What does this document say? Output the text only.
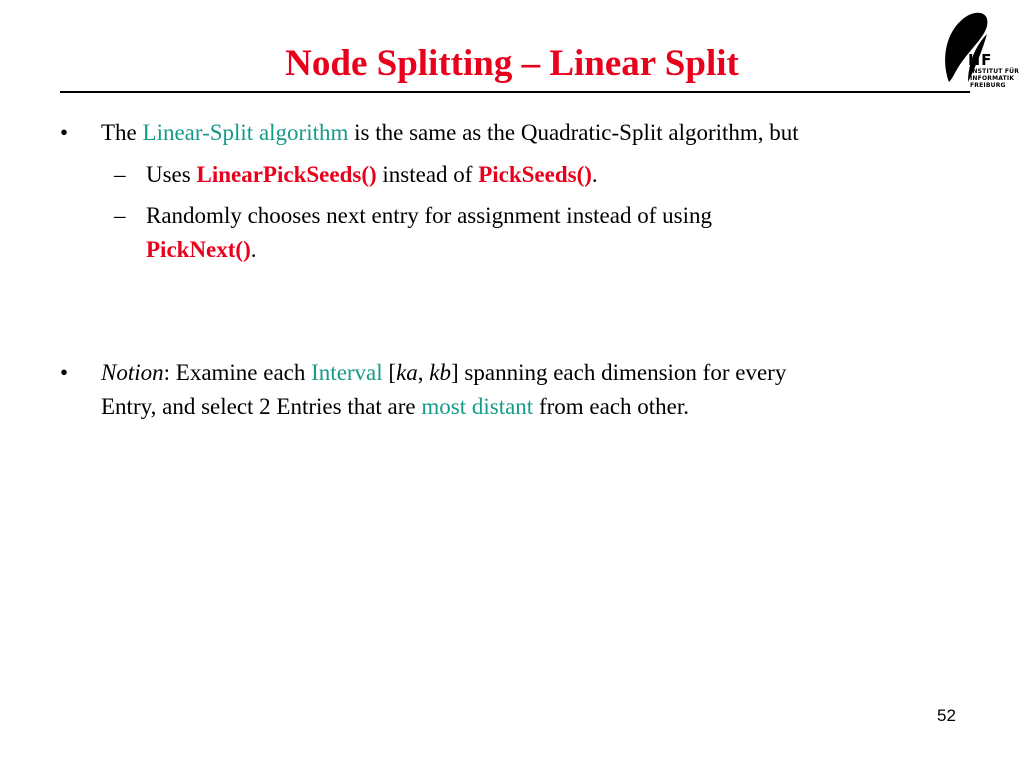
Node Splitting – Linear Split	IIF
INSTITUT FÜR
INFORMATIK
FREIBURG
• The Linear-Split algorithm is the same as the Quadratic-Split algorithm, but
– Uses LinearPickSeeds() instead of PickSeeds().
– Randomly chooses next entry for assignment instead of using
PickNext().
• Notion: Examine each Interval [ka, kb] spanning each dimension for every
Entry, and select 2 Entries that are most distant from each other.
52
